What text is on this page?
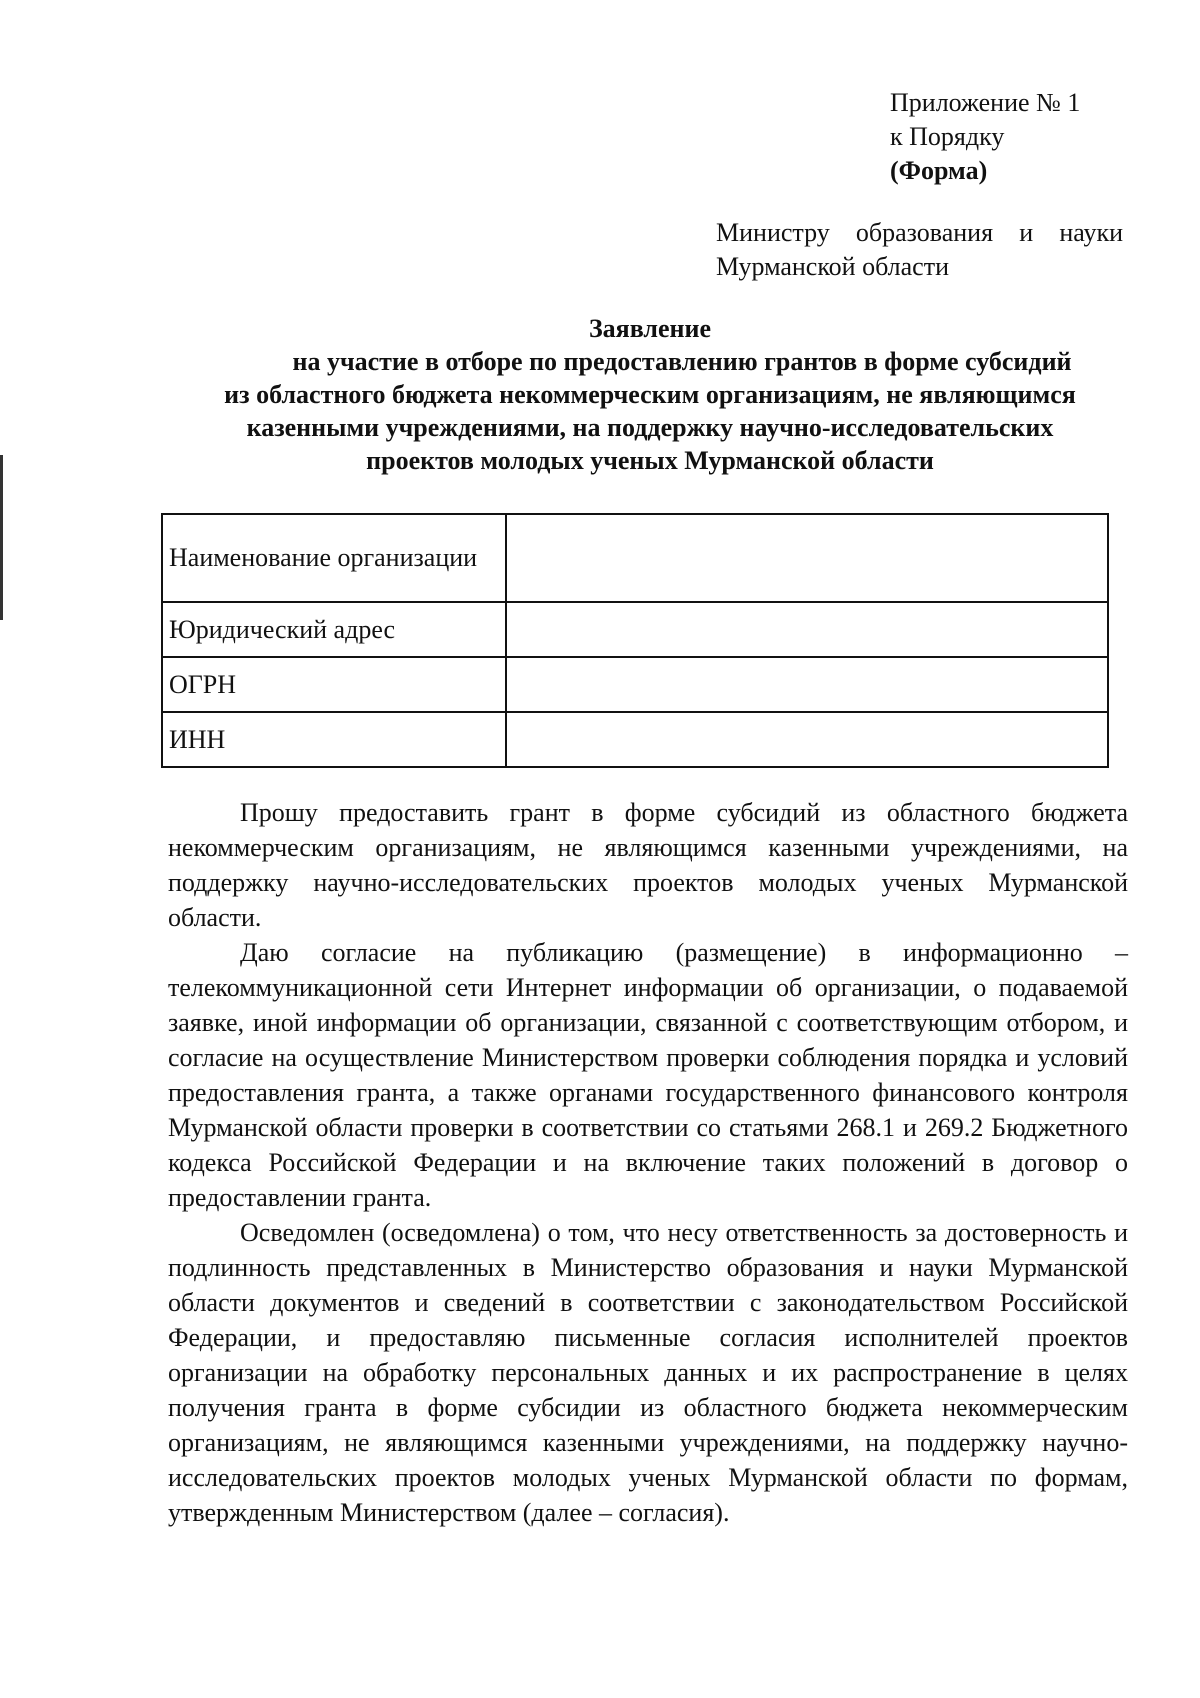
Приложение № 1
к Порядку
(Форма)
Министру образования и науки
Мурманской области
Заявление
на участие в отборе по предоставлению грантов в форме субсидий
из областного бюджета некоммерческим организациям, не являющимся
казенными учреждениями, на поддержку научно-исследовательских
проектов молодых ученых Мурманской области
Наименование организации	
Юридический адрес	
ОГРН	
ИНН	

Прошу предоставить грант в форме субсидий из областного бюджета некоммерческим организациям, не являющимся казенными учреждениями, на поддержку научно-исследовательских проектов молодых ученых Мурманской области.

Даю согласие на публикацию (размещение) в информационно – телекоммуникационной сети Интернет информации об организации, о подаваемой заявке, иной информации об организации, связанной с соответствующим отбором, и согласие на осуществление Министерством проверки соблюдения порядка и условий предоставления гранта, а также органами государственного финансового контроля Мурманской области проверки в соответствии со статьями 268.1 и 269.2 Бюджетного кодекса Российской Федерации и на включение таких положений в договор о предоставлении гранта.

Осведомлен (осведомлена) о том, что несу ответственность за достоверность и подлинность представленных в Министерство образования и науки Мурманской области документов и сведений в соответствии с законодательством Российской Федерации, и предоставляю письменные согласия исполнителей проектов организации на обработку персональных данных и их распространение в целях получения гранта в форме субсидии из областного бюджета некоммерческим организациям, не являющимся казенными учреждениями, на поддержку научно-исследовательских проектов молодых ученых Мурманской области по формам, утвержденным Министерством (далее – согласия).
